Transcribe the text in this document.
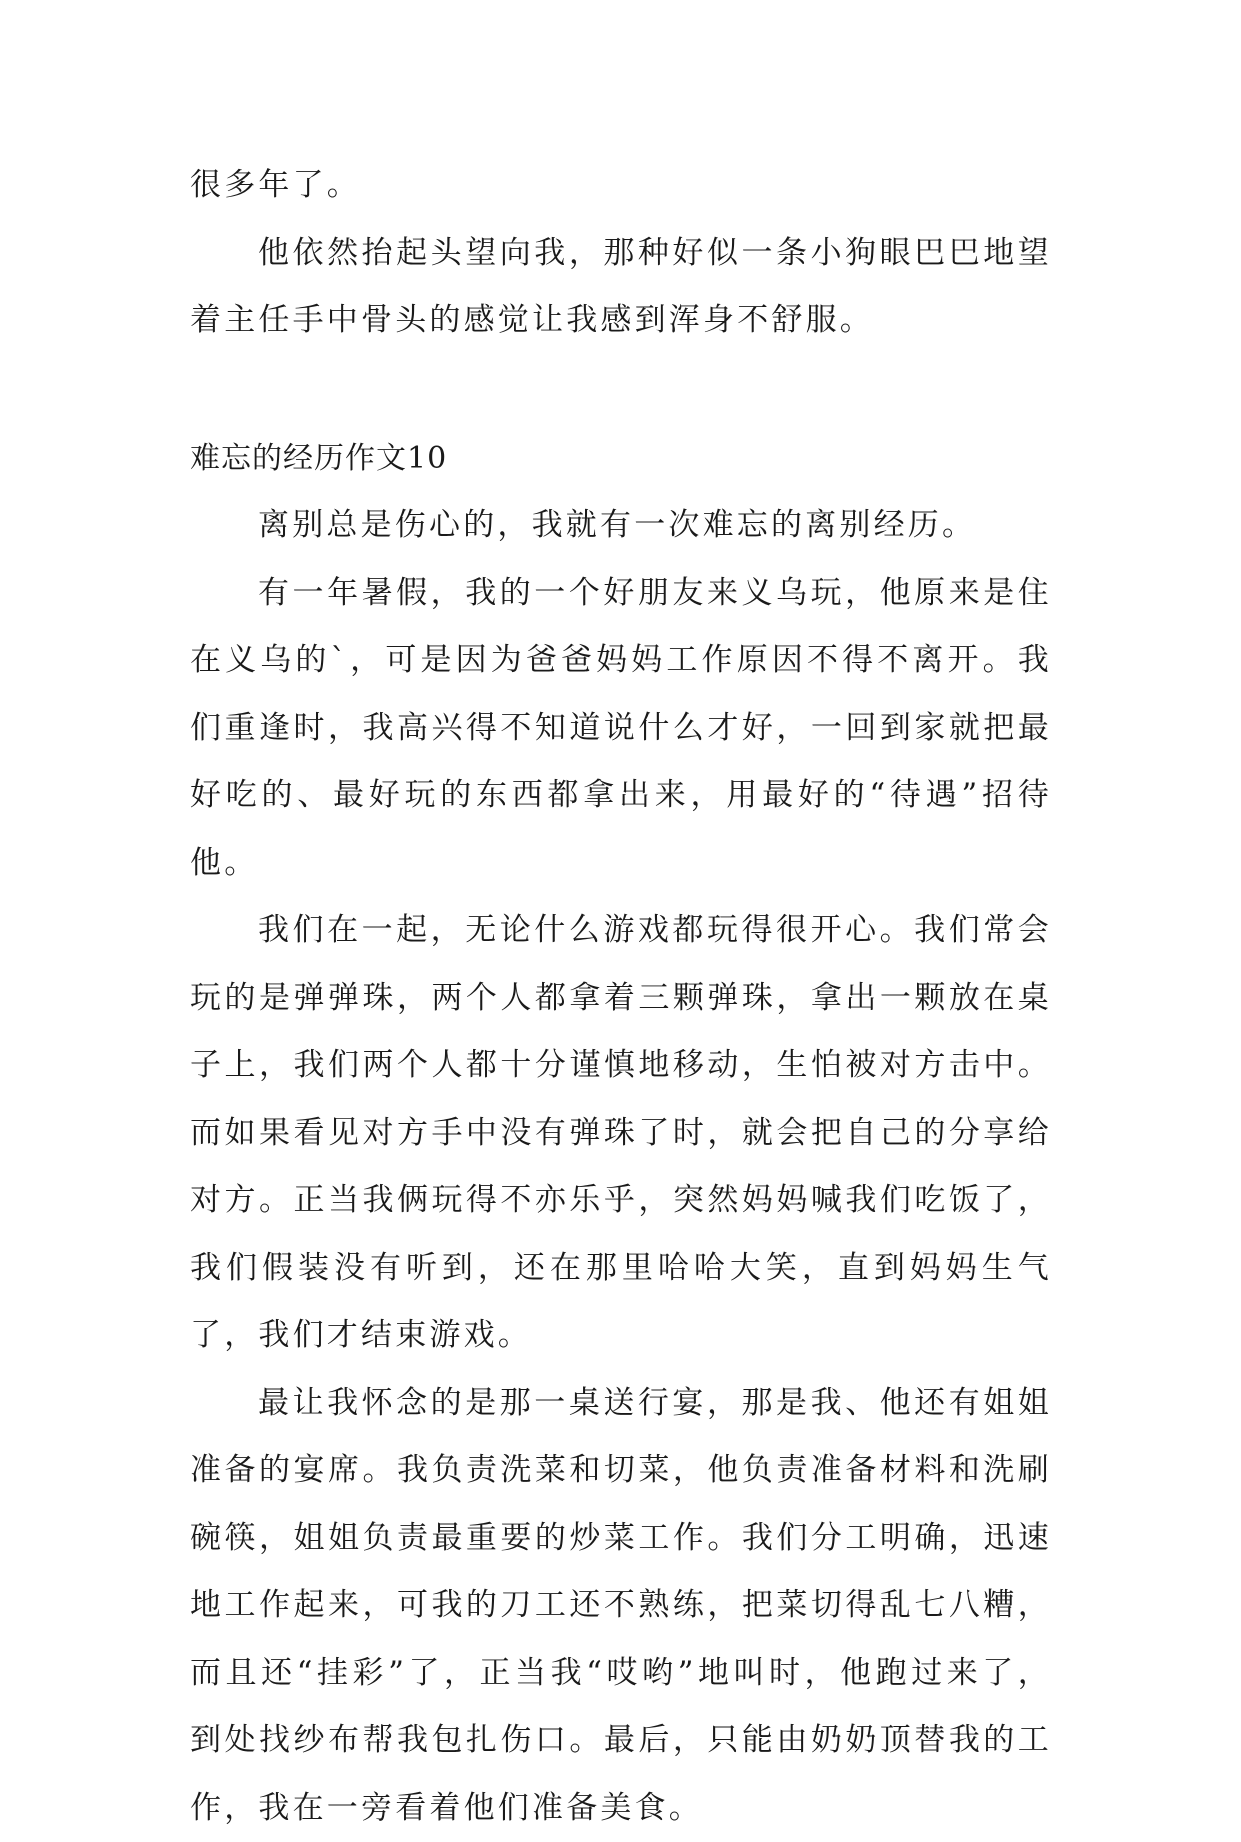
很多年了。

他依然抬起头望向我，那种好似一条小狗眼巴巴地望着主任手中骨头的感觉让我感到浑身不舒服。

难忘的经历作文10

离别总是伤心的，我就有一次难忘的离别经历。

有一年暑假，我的一个好朋友来义乌玩，他原来是住在义乌的`，可是因为爸爸妈妈工作原因不得不离开。我们重逢时，我高兴得不知道说什么才好，一回到家就把最好吃的、最好玩的东西都拿出来，用最好的“待遇”招待他。

我们在一起，无论什么游戏都玩得很开心。我们常会玩的是弹弹珠，两个人都拿着三颗弹珠，拿出一颗放在桌子上，我们两个人都十分谨慎地移动，生怕被对方击中。而如果看见对方手中没有弹珠了时，就会把自己的分享给对方。正当我俩玩得不亦乐乎，突然妈妈喊我们吃饭了，我们假装没有听到，还在那里哈哈大笑，直到妈妈生气了，我们才结束游戏。

最让我怀念的是那一桌送行宴，那是我、他还有姐姐准备的宴席。我负责洗菜和切菜，他负责准备材料和洗刷碗筷，姐姐负责最重要的炒菜工作。我们分工明确，迅速地工作起来，可我的刀工还不熟练，把菜切得乱七八糟，而且还“挂彩”了，正当我“哎哟”地叫时，他跑过来了，到处找纱布帮我包扎伤口。最后，只能由奶奶顶替我的工作，我在一旁看着他们准备美食。
